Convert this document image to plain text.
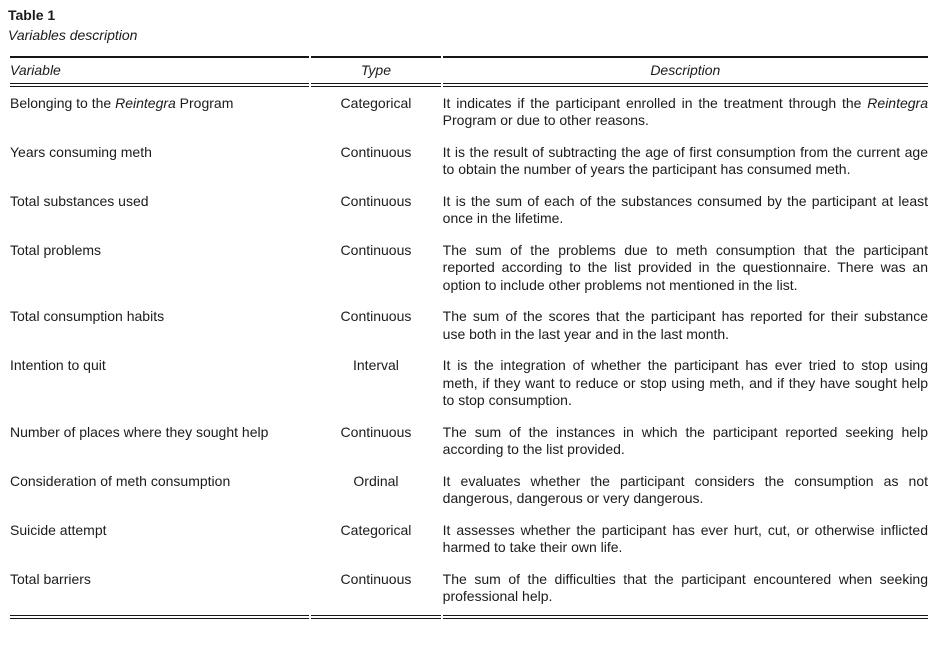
Table 1
Variables description
Variable	Type	Description
Belonging to the Reintegra Program	Categorical	It indicates if the participant enrolled in the treatment through the Reintegra Program or due to other reasons.
Years consuming meth	Continuous	It is the result of subtracting the age of first consumption from the current age to obtain the number of years the participant has consumed meth.
Total substances used	Continuous	It is the sum of each of the substances consumed by the participant at least once in the lifetime.
Total problems	Continuous	The sum of the problems due to meth consumption that the participant reported according to the list provided in the questionnaire. There was an option to include other problems not mentioned in the list.
Total consumption habits	Continuous	The sum of the scores that the participant has reported for their substance use both in the last year and in the last month.
Intention to quit	Interval	It is the integration of whether the participant has ever tried to stop using meth, if they want to reduce or stop using meth, and if they have sought help to stop consumption.
Number of places where they sought help	Continuous	The sum of the instances in which the participant reported seeking help according to the list provided.
Consideration of meth consumption	Ordinal	It evaluates whether the participant considers the consumption as not dangerous, dangerous or very dangerous.
Suicide attempt	Categorical	It assesses whether the participant has ever hurt, cut, or otherwise inflicted harmed to take their own life.
Total barriers	Continuous	The sum of the difficulties that the participant encountered when seeking professional help.
